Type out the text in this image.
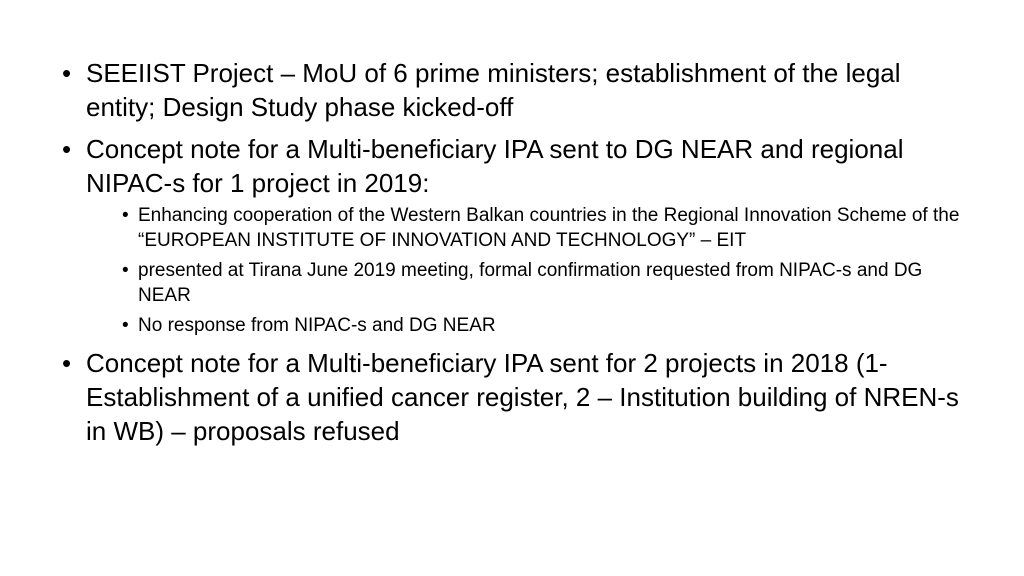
• SEEIIST Project – MoU of 6 prime ministers; establishment of the legal entity; Design Study phase kicked-off
• Concept note for a Multi-beneficiary IPA sent to DG NEAR and regional NIPAC-s for 1 project in 2019:
• Enhancing cooperation of the Western Balkan countries in the Regional Innovation Scheme of the “EUROPEAN INSTITUTE OF INNOVATION AND TECHNOLOGY” – EIT
• presented at Tirana June 2019 meeting, formal confirmation requested from NIPAC-s and DG NEAR
• No response from NIPAC-s and DG NEAR
• Concept note for a Multi-beneficiary IPA sent for 2 projects in 2018 (1- Establishment of a unified cancer register, 2 – Institution building of NREN-s in WB) – proposals refused
